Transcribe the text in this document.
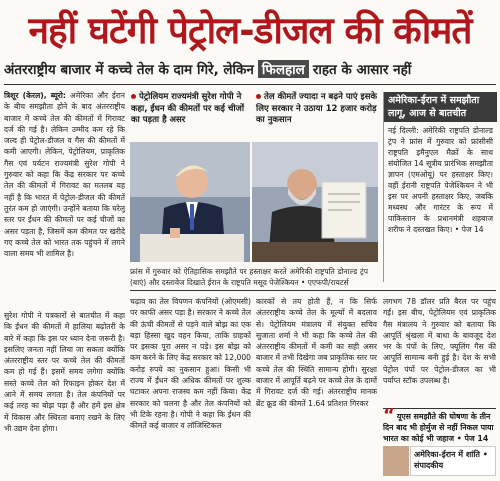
नहीं घटेंगी पेट्रोल-डीजल की कीमतें
अंतरराष्ट्रीय बाजार में कच्चे तेल के दाम गिरे, लेकिन फिलहाल राहत के आसार नहीं
त्रिशूर (केरल), ब्यूरो: अमेरिका और ईरान के बीच समझौता होने के बाद अंतरराष्ट्रीय बाजार में कच्चे तेल की कीमतों में गिरावट दर्ज की गई है। लेकिन उम्मीद कम रहे कि जल्द ही पेट्रोल-डीजल व गैस की कीमतों में कमी आएगी। लेकिन, पेट्रोलियम, प्राकृतिक गैस एवं पर्यटन राज्यमंत्री सुरेश गोपी ने गुरुवार को कहा कि केंद्र सरकार पर कच्चे तेल की कीमतों में गिरावट का मतलब यह नहीं है कि भारत में पेट्रोल-डीजल की कीमतें तुरंत कम हो जाएंगी। उन्होंने बताया कि घरेलू स्तर पर ईंधन की कीमतों पर कई चीजों का असर पड़ता है, जिसमें कम कीमत पर खरीदे गए कच्चे तेल को भारत तक पहुंचने में लगने वाला समय भी शामिल है।
पेट्रोलियम राज्यमंत्री सुरेश गोपी ने कहा, ईंधन की कीमतों पर कई चीजों का पड़ता है असर
तेल कीमतें ज्यादा न बढ़ने पाएं इसके लिए सरकार ने उठाया 12 हजार करोड़ का नुकसान
फ्रांस में गुरुवार को ऐतिहासिक समझौते पर हस्ताक्षर करते अमेरिकी राष्ट्रपति डोनाल्ड ट्रंप (बाएं) और दस्तावेज दिखाते ईरान के राष्ट्रपति मसूद पेजेश्कियन • एएफपी/रायटर्स
अमेरिका-ईरान में समझौता लागू, आज से बातचीत
नई दिल्ली: अमेरिकी राष्ट्रपति डोनाल्ड ट्रंप ने फ्रांस में गुरुवार को फ्रांसीसी राष्ट्रपति इमैनुएल मैक्रों के साथ संयोजित 14 सूत्रीय प्रारंभिक समझौता ज्ञापन (एमओयू) पर हस्ताक्षर किए। वहीं ईरानी राष्ट्रपति पेजेश्कियन ने भी इस पर अपनी हस्ताक्षर किए, जबकि मध्यस्थ और गारंटर के रूप में पाकिस्तान के प्रधानमंत्री शहबाज शरीफ ने दस्तखत किए। • पेज 14
सुरेश गोपी ने पत्रकारों से बातचीत में कहा कि ईंधन की कीमतों में हालिया बढ़ोतरी के बारे में कहा कि इस पर ध्यान देना जरूरी है। इसलिए जनता नहीं लिया जा सकता क्योंकि अंतरराष्ट्रीय स्तर पर कच्चे तेल की कीमतों कम हो गई हैं। इसमें समय लगेगा क्योंकि सस्ते कच्चे तेल को रिफाइन होकर देश में आने में समय लगता है। तेल कंपनियों पर कई तरह का बोझ पड़ा है और हमें इस क्षेत्र में विकास और स्थिरता बनाए रखने के लिए भी उद्यम देना होगा।
चढ़ाव का तेल विपणन कंपनियों (ओएमसी) पर काफी असर पड़ा है। सरकार ने कच्चे तेल की ऊंची कीमतों से पड़ने वाले बोझ का एक बड़ा हिस्सा खुद वहन किया, ताकि ग्राहकों पर इसका पूरा असर न पड़े। इस बोझ को कम करने के लिए केंद्र सरकार को 12,000 करोड़ रुपये का नुकसान हुआ। किसी भी राज्य में ईंधन की अधिक कीमतों पर शुल्क घटाकर अपना राजस्व कम नहीं किया। केंद्र सरकार को चलना है और तेल कंपनियों को भी टिके रहना है। गोपी ने कहा कि ईंधन की कीमतें कई बाजार व लॉजिस्टिकल
कारकों से तय होती हैं, न कि सिर्फ अंतरराष्ट्रीय कच्चे तेल के मूल्यों में बदलाव से। पेट्रोलियम मंत्रालय में संयुक्त सचिव सुजाता शर्मा ने भी कहा कि कच्चे तेल की अंतरराष्ट्रीय कीमतों में कमी का सही असर बाजार में तभी दिखेगा जब प्राकृतिक स्तर पर कच्चे तेल की स्थिति सामान्य होगी। सुरक्षा बाजार में आपूर्ति बढ़ने पर कच्चे तेल के दामों में गिरावट दर्ज की गई। अंतरराष्ट्रीय मानक ब्रेंट क्रूड की कीमतें 1.64 प्रतिशत गिरकर
लगभग 78 डॉलर प्रति बैरल पर पहुंच गईं। इस बीच, पेट्रोलियम एवं प्राकृतिक गैस मंत्रालय ने गुरुवार को बताया कि आपूर्ति श्रृंखला में बाधा के बावजूद देश भर के पंपों के लिए, फ्यूलिंग गैस की आपूर्ति सामान्य बनी हुई है। देश के सभी पेट्रोल पंपों पर पेट्रोल-डीजल का भी पर्याप्त स्टॉक उपलब्ध है।
“ यूएस समझौते की घोषणा के तीन दिन बाद भी होर्मुज से नहीं निकल पाया भारत का कोई भी जहाज • पेज 14
अमेरिका-ईरान में शांति • संपादकीय
